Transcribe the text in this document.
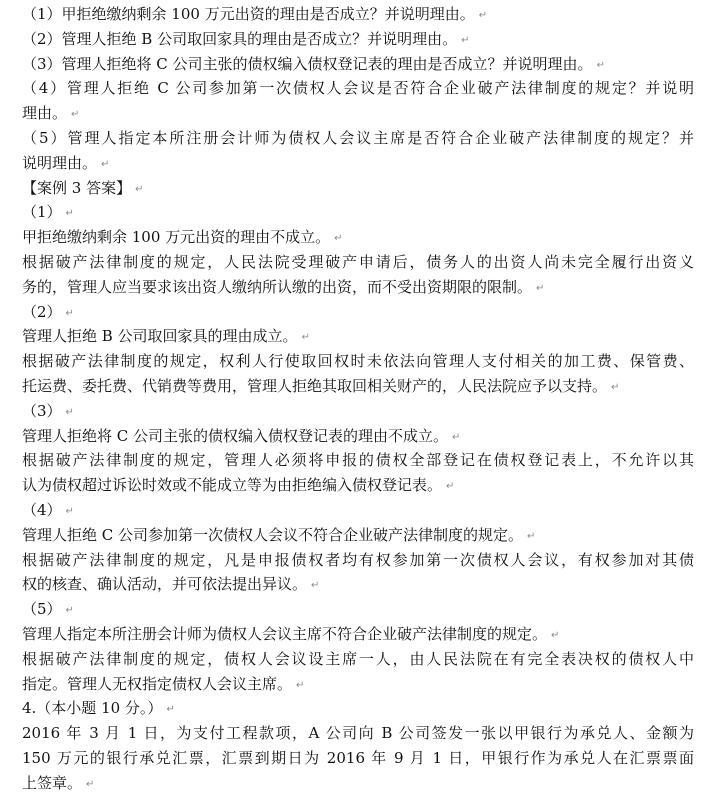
（1）甲拒绝缴纳剩余 100 万元出资的理由是否成立？并说明理由。 ↵
（2）管理人拒绝 B 公司取回家具的理由是否成立？并说明理由。 ↵
（3）管理人拒绝将 C 公司主张的债权编入债权登记表的理由是否成立？并说明理由。 ↵
（4）管理人拒绝 C 公司参加第一次债权人会议是否符合企业破产法律制度的规定？并说明
理由。 ↵
（5）管理人指定本所注册会计师为债权人会议主席是否符合企业破产法律制度的规定？并
说明理由。 ↵
【案例 3 答案】 ↵
（1） ↵
甲拒绝缴纳剩余 100 万元出资的理由不成立。 ↵
根据破产法律制度的规定，人民法院受理破产申请后，债务人的出资人尚未完全履行出资义
务的，管理人应当要求该出资人缴纳所认缴的出资，而不受出资期限的限制。 ↵
（2） ↵
管理人拒绝 B 公司取回家具的理由成立。 ↵
根据破产法律制度的规定，权利人行使取回权时未依法向管理人支付相关的加工费、保管费、
托运费、委托费、代销费等费用，管理人拒绝其取回相关财产的，人民法院应予以支持。 ↵
（3） ↵
管理人拒绝将 C 公司主张的债权编入债权登记表的理由不成立。 ↵
根据破产法律制度的规定，管理人必须将申报的债权全部登记在债权登记表上，不允许以其
认为债权超过诉讼时效或不能成立等为由拒绝编入债权登记表。 ↵
（4） ↵
管理人拒绝 C 公司参加第一次债权人会议不符合企业破产法律制度的规定。 ↵
根据破产法律制度的规定，凡是申报债权者均有权参加第一次债权人会议，有权参加对其债
权的核查、确认活动，并可依法提出异议。 ↵
（5） ↵
管理人指定本所注册会计师为债权人会议主席不符合企业破产法律制度的规定。 ↵
根据破产法律制度的规定，债权人会议设主席一人，由人民法院在有完全表决权的债权人中
指定。管理人无权指定债权人会议主席。 ↵
4.（本小题 10 分。） ↵
2016 年 3 月 1 日，为支付工程款项，A 公司向 B 公司签发一张以甲银行为承兑人、金额为
150 万元的银行承兑汇票，汇票到期日为 2016 年 9 月 1 日，甲银行作为承兑人在汇票票面
上签章。 ↵
